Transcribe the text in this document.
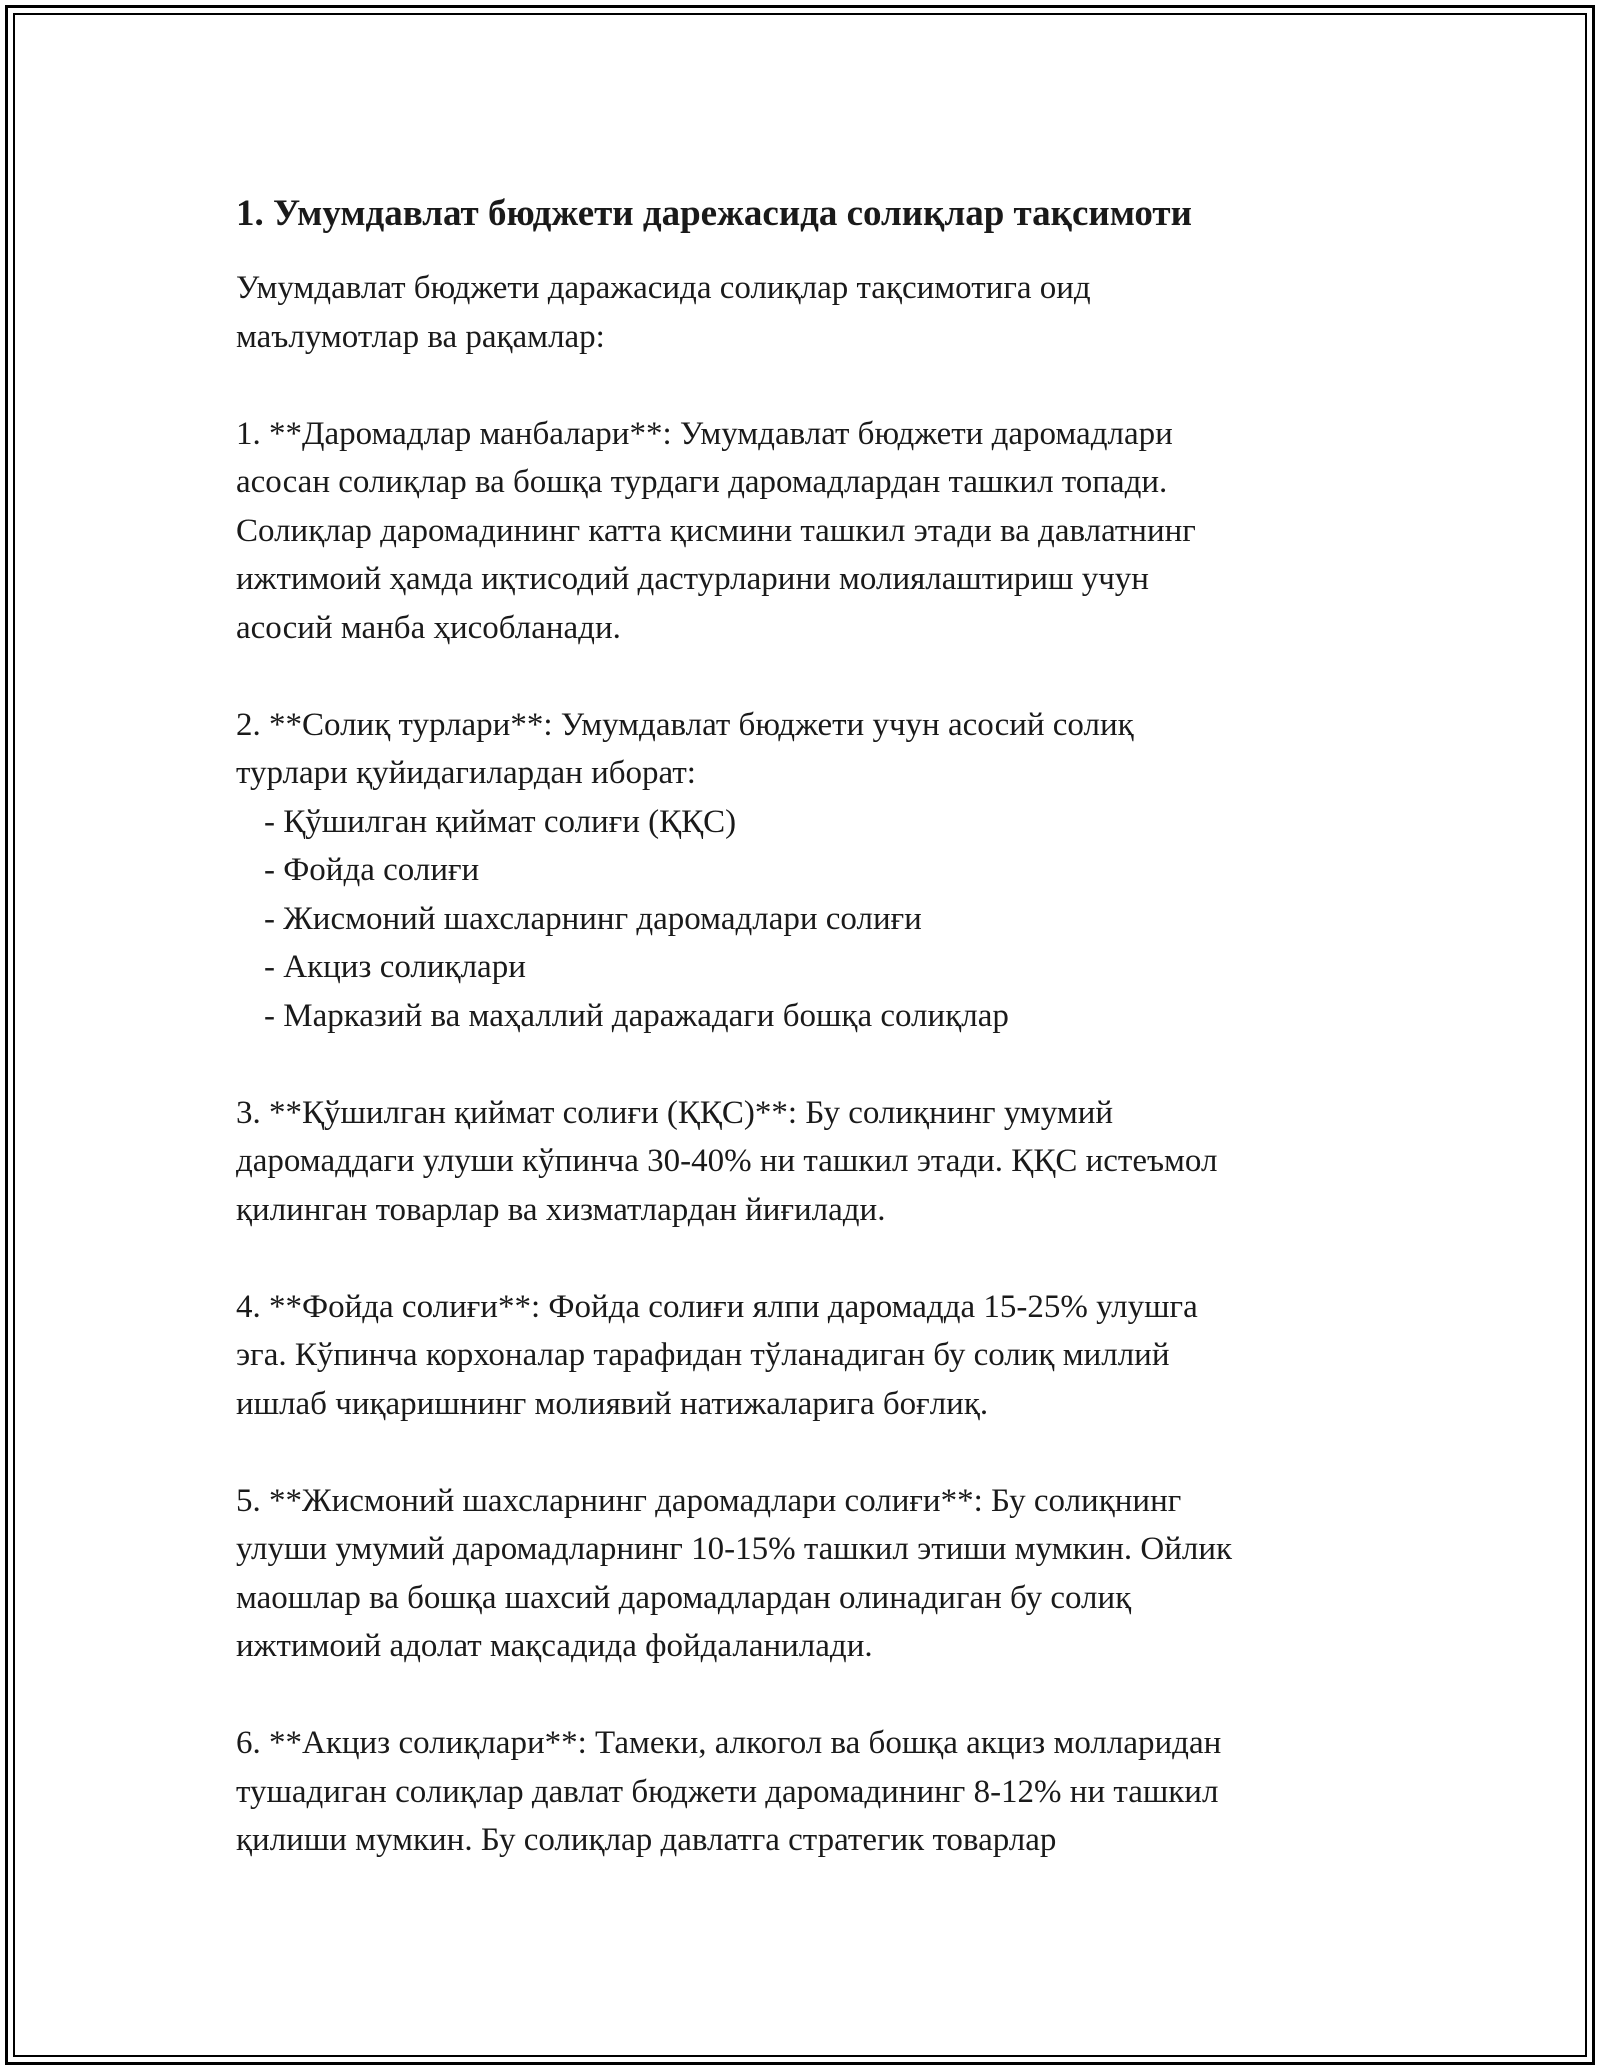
1. Умумдавлат бюджети дарежасида солиқлар тақсимоти
Умумдавлат бюджети даражасида солиқлар тақсимотига оид
маълумотлар ва рақамлар:
1. **Даромадлар манбалари**: Умумдавлат бюджети даромадлари
асосан солиқлар ва бошқа турдаги даромадлардан ташкил топади.
Солиқлар даромадининг катта қисмини ташкил этади ва давлатнинг
ижтимоий ҳамда иқтисодий дастурларини молиялаштириш учун
асосий манба ҳисобланади.
2. **Солиқ турлари**: Умумдавлат бюджети учун асосий солиқ
турлари қуйидагилардан иборат:
- Қўшилган қиймат солиғи (ҚҚС)
- Фойда солиғи
- Жисмоний шахсларнинг даромадлари солиғи
- Акциз солиқлари
- Марказий ва маҳаллий даражадаги бошқа солиқлар
3. **Қўшилган қиймат солиғи (ҚҚС)**: Бу солиқнинг умумий
даромаддаги улуши кўпинча 30-40% ни ташкил этади. ҚҚС истеъмол
қилинган товарлар ва хизматлардан йиғилади.
4. **Фойда солиғи**: Фойда солиғи ялпи даромадда 15-25% улушга
эга. Кўпинча корхоналар тарафидан тўланадиган бу солиқ миллий
ишлаб чиқаришнинг молиявий натижаларига боғлиқ.
5. **Жисмоний шахсларнинг даромадлари солиғи**: Бу солиқнинг
улуши умумий даромадларнинг 10-15% ташкил этиши мумкин. Ойлик
маошлар ва бошқа шахсий даромадлардан олинадиган бу солиқ
ижтимоий адолат мақсадида фойдаланилади.
6. **Акциз солиқлари**: Тамеки, алкогол ва бошқа акциз молларидан
тушадиган солиқлар давлат бюджети даромадининг 8-12% ни ташкил
қилиши мумкин. Бу солиқлар давлатга стратегик товарлар
